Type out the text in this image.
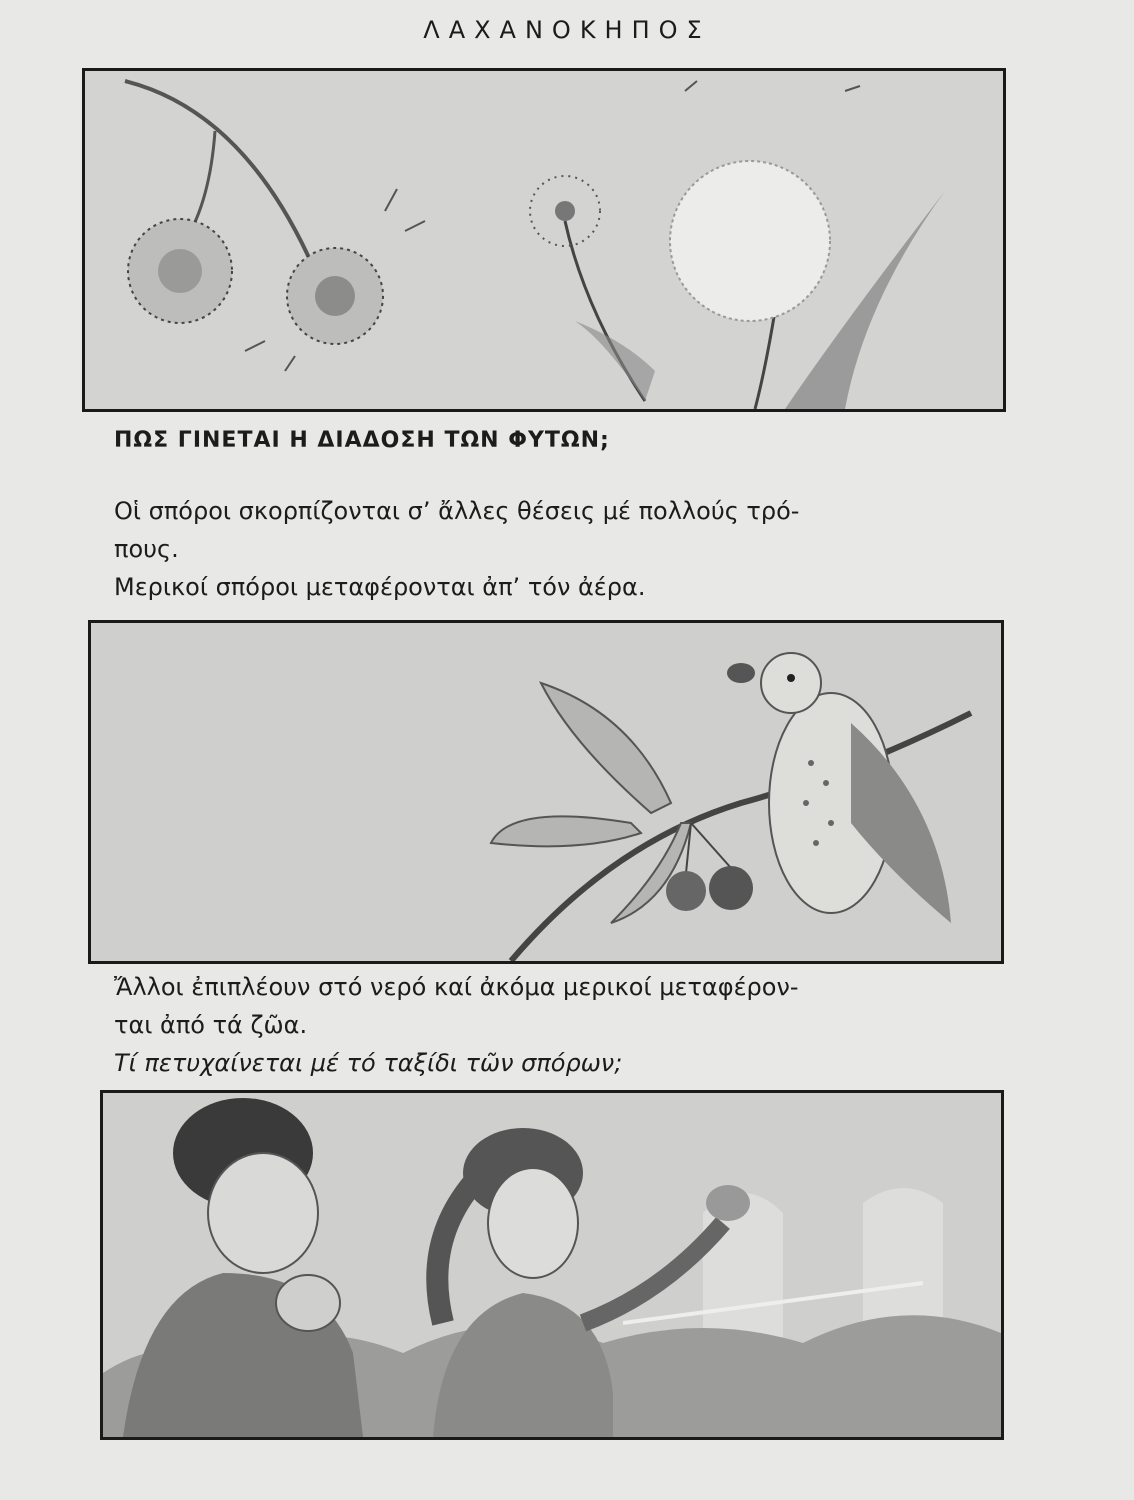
ΛΑΧΑΝΟΚΗΠΟΣ
ΠΩΣ ΓΙΝΕΤΑΙ Η ΔΙΑΔΟΣΗ ΤΩΝ ΦΥΤΩΝ;

Οἱ σπόροι σκορπίζονται σ’ ἄλλες θέσεις μέ πολλούς τρό-

πους.

Μερικοί σπόροι μεταφέρονται ἀπ’ τόν ἀέρα.

Ἄλλοι ἐπιπλέουν στό νερό καί ἀκόμα μερικοί μεταφέρον-

ται ἀπό τά ζῶα.

Τί πετυχαίνεται μέ τό ταξίδι τῶν σπόρων;
